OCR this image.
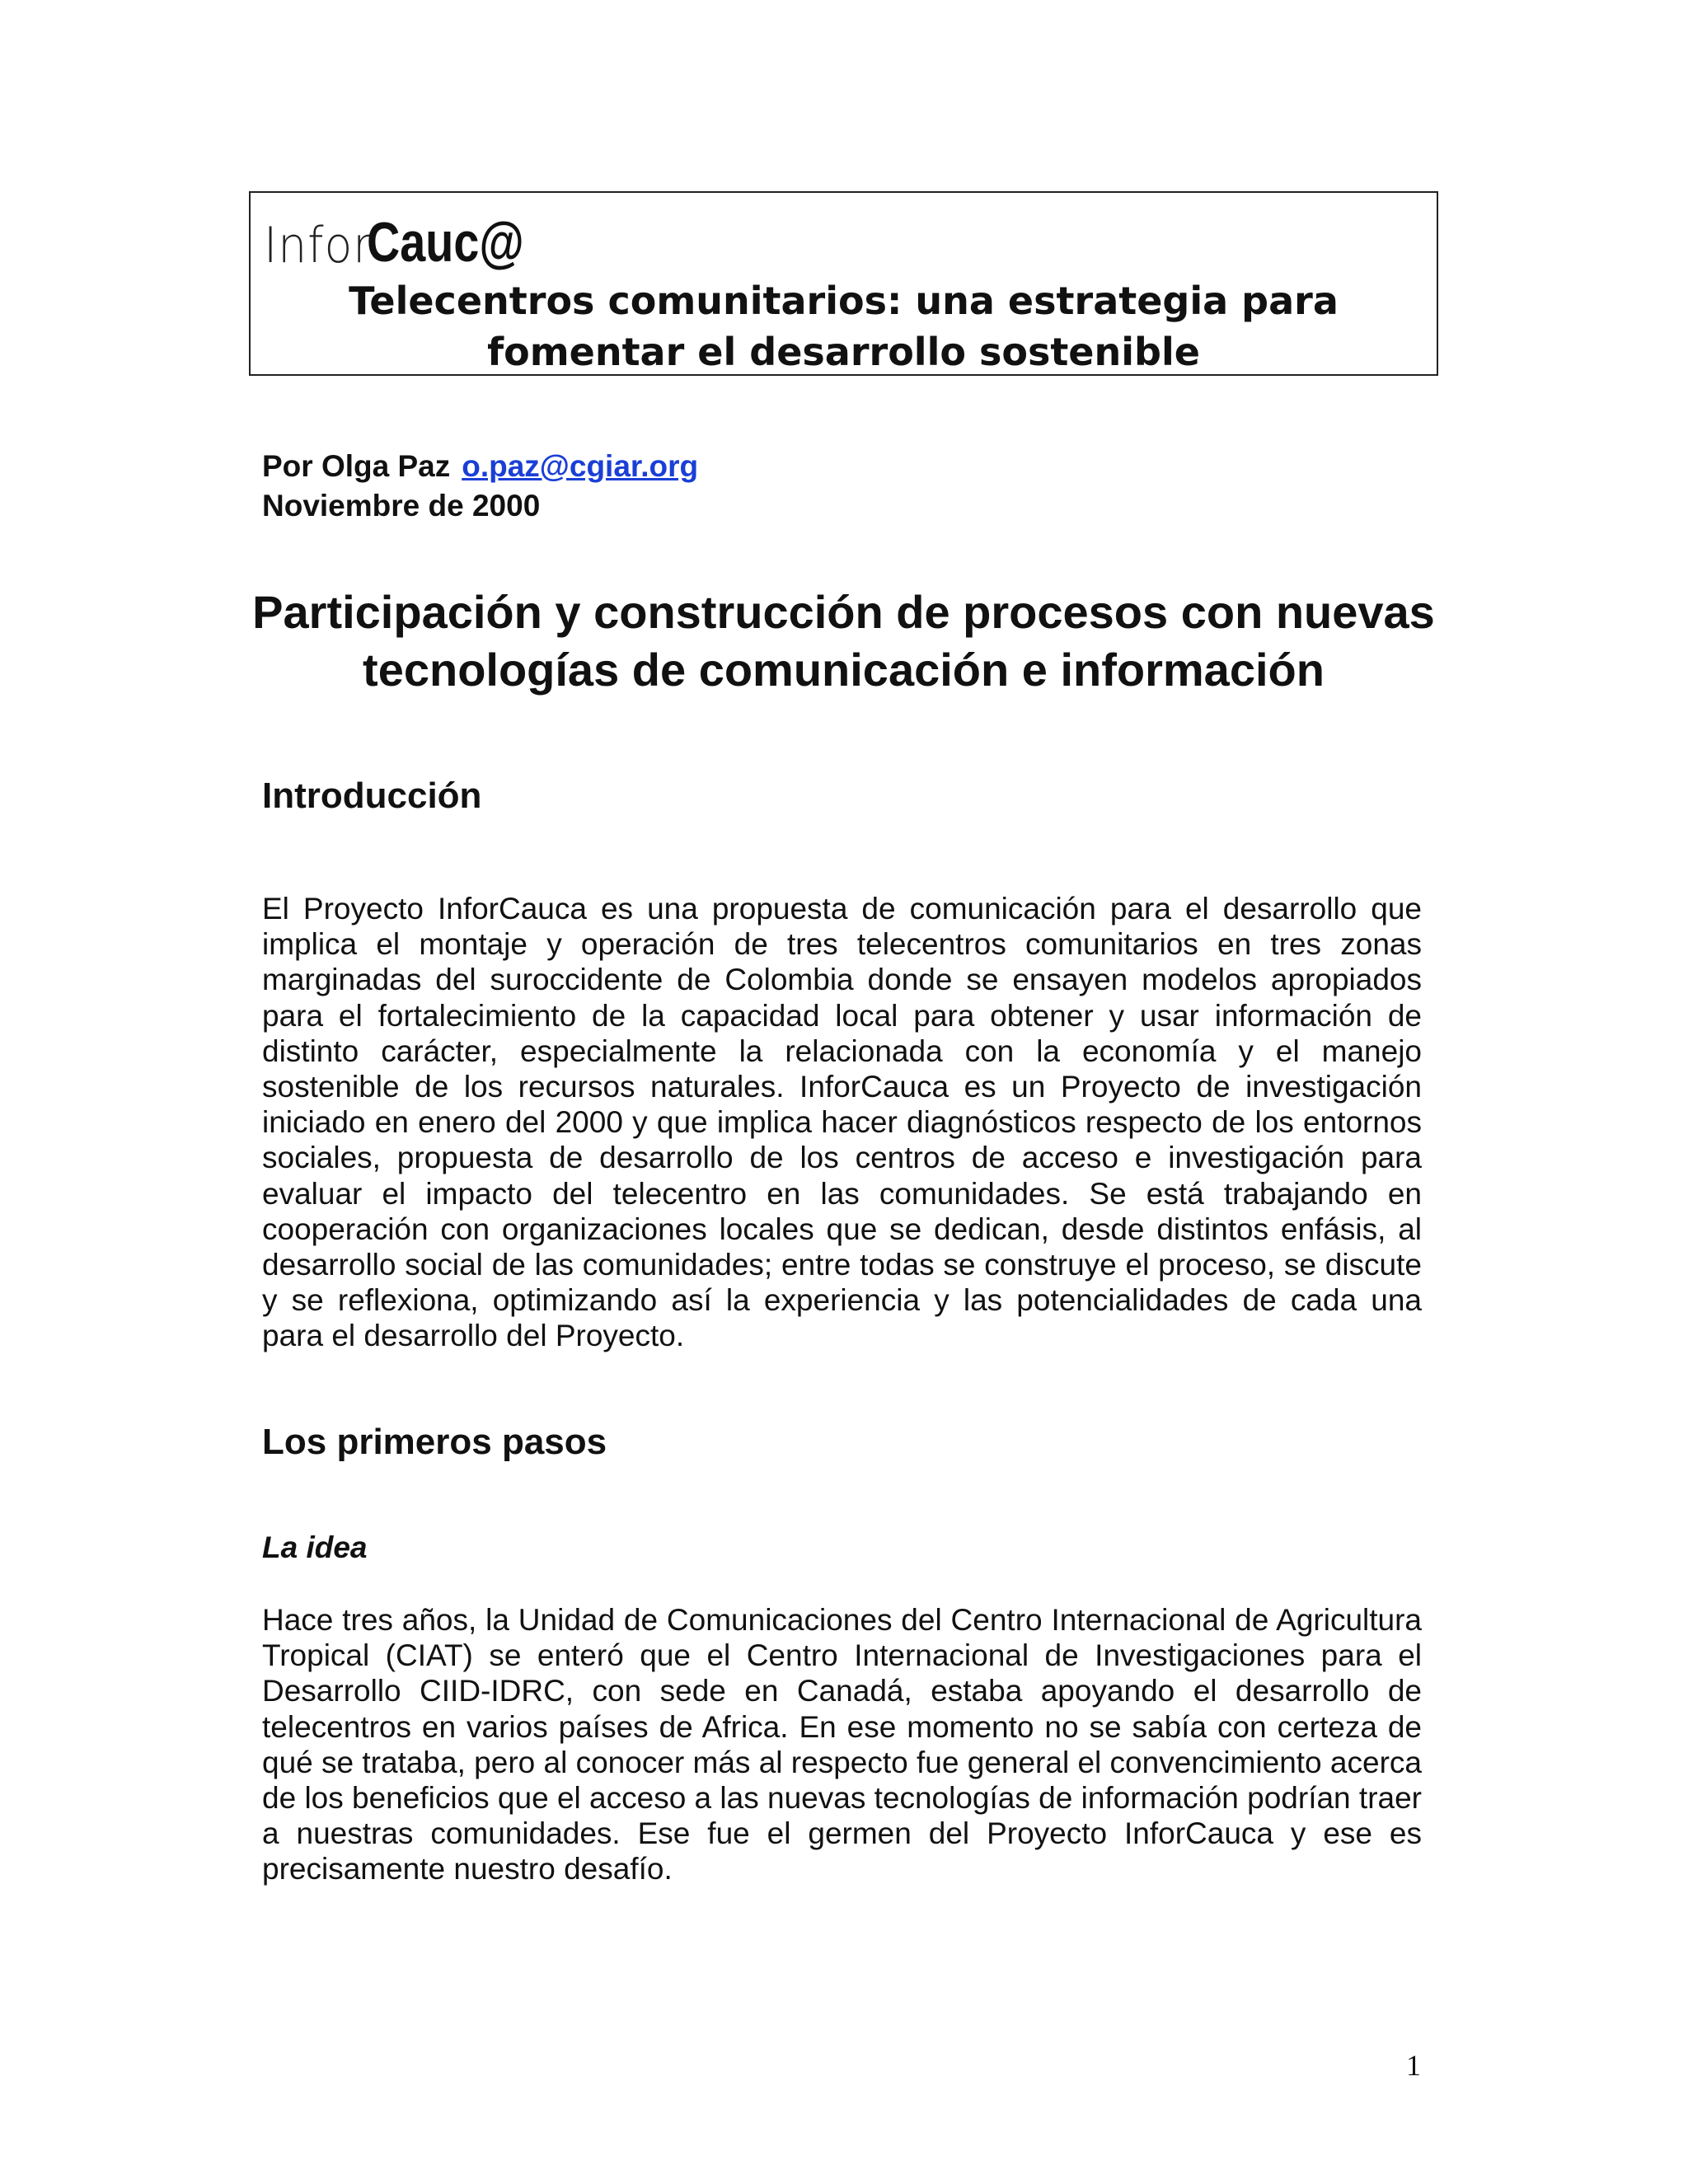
Infor
Cauc@
Telecentros comunitarios: una estrategia para fomentar el desarrollo sostenible
Por Olga Paz o.paz@cgiar.org
Noviembre de 2000
Participación y construcción de procesos con nuevas tecnologías de comunicación e información
Introducción
El Proyecto InforCauca es una propuesta de comunicación para el desarrollo que implica el montaje y operación de tres telecentros comunitarios en tres zonas marginadas del suroccidente de Colombia donde se ensayen modelos apropiados para el fortalecimiento de la capacidad local para obtener y usar información de distinto carácter, especialmente la relacionada con la economía y el manejo sostenible de los recursos naturales. InforCauca es un Proyecto de investigación iniciado en enero del 2000 y que implica hacer diagnósticos respecto de los entornos sociales, propuesta de desarrollo de los centros de acceso e investigación para evaluar el impacto del telecentro en las comunidades. Se está trabajando en cooperación con organizaciones locales que se dedican, desde distintos enfásis, al desarrollo social de las comunidades; entre todas se construye el proceso, se discute y se reflexiona, optimizando así la experiencia y las potencialidades de cada una para el desarrollo del Proyecto.
Los primeros pasos
La idea
Hace tres años, la Unidad de Comunicaciones del Centro Internacional de Agricultura Tropical (CIAT) se enteró que el Centro Internacional de Investigaciones para el Desarrollo CIID-IDRC, con sede en Canadá, estaba apoyando el desarrollo de telecentros en varios países de Africa. En ese momento no se sabía con certeza de qué se trataba, pero al conocer más al respecto fue general el convencimiento acerca de los beneficios que el acceso a las nuevas tecnologías de información podrían traer a nuestras comunidades. Ese fue el germen del Proyecto InforCauca y ese es precisamente nuestro desafío.
1
